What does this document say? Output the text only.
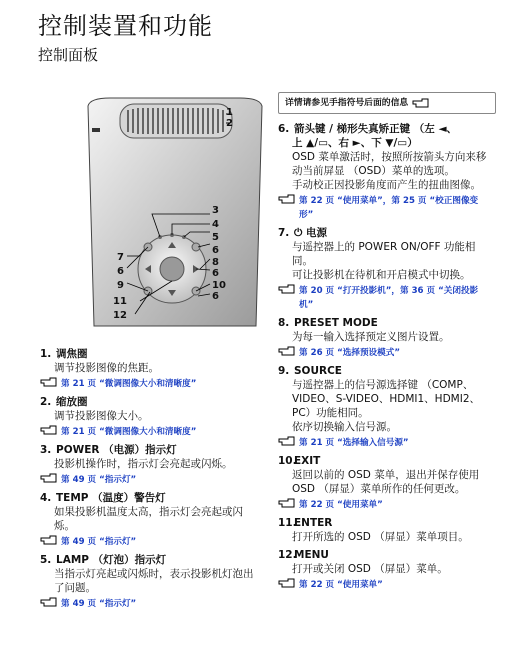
控制装置和功能
控制面板
1
2
3
4
5
6
7	8
6	6
9	10
6
11
12
1. 调焦圈
调节投影图像的焦距。
第 21 页 “微调图像大小和清晰度”
2. 缩放圈
调节投影图像大小。
第 21 页 “微调图像大小和清晰度”
3. POWER （电源）指示灯
投影机操作时，指示灯会亮起或闪烁。
第 49 页 “指示灯”
4. TEMP （温度）警告灯
如果投影机温度太高，指示灯会亮起或闪
烁。
第 49 页 “指示灯”
5. LAMP （灯泡）指示灯
当指示灯亮起或闪烁时，表示投影机灯泡出
了问题。
第 49 页 “指示灯”
详情请参见手指符号后面的信息
6. 箭头键 / 梯形失真矫正键 （左 ◄、
上 ▲/▭、右 ►、下 ▼/▭）
OSD 菜单激活时，按照所按箭头方向来移
动当前屏显 （OSD）菜单的选项。
手动校正因投影角度而产生的扭曲图像。
第 22 页 “使用菜单”，第 25 页 “校正图像变
形”
7. ⏻ 电源
与遥控器上的 POWER ON/OFF 功能相
同。
可让投影机在待机和开启模式中切换。
第 20 页 “打开投影机”，第 36 页 “关闭投影
机”
8. PRESET MODE
为每一输入选择预定义图片设置。
第 26 页 “选择预设模式”
9. SOURCE
与遥控器上的信号源选择键 （COMP、
VIDEO、S-VIDEO、HDMI1、HDMI2、
PC）功能相同。
依序切换输入信号源。
第 21 页 “选择输入信号源”
10.EXIT
返回以前的 OSD 菜单，退出并保存使用
OSD （屏显）菜单所作的任何更改。
第 22 页 “使用菜单”
11.ENTER
打开所选的 OSD （屏显）菜单项目。
12.MENU
打开或关闭 OSD （屏显）菜单。
第 22 页 “使用菜单”
